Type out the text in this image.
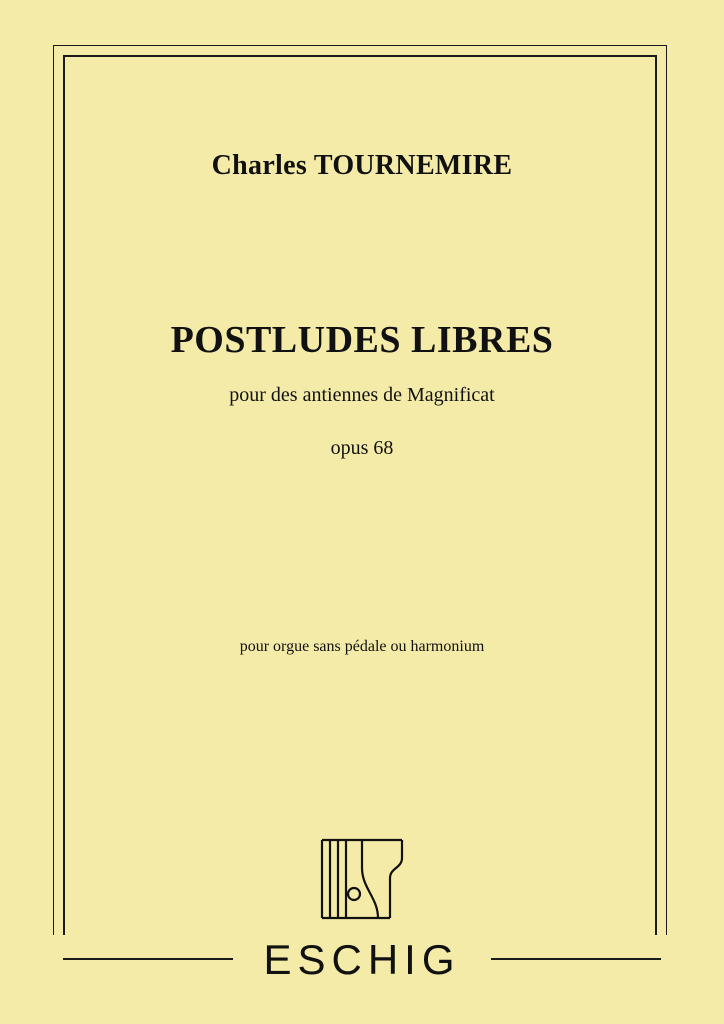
Charles TOURNEMIRE
POSTLUDES LIBRES
pour des antiennes de Magnificat
opus 68
pour orgue sans pédale ou harmonium
ESCHIG
